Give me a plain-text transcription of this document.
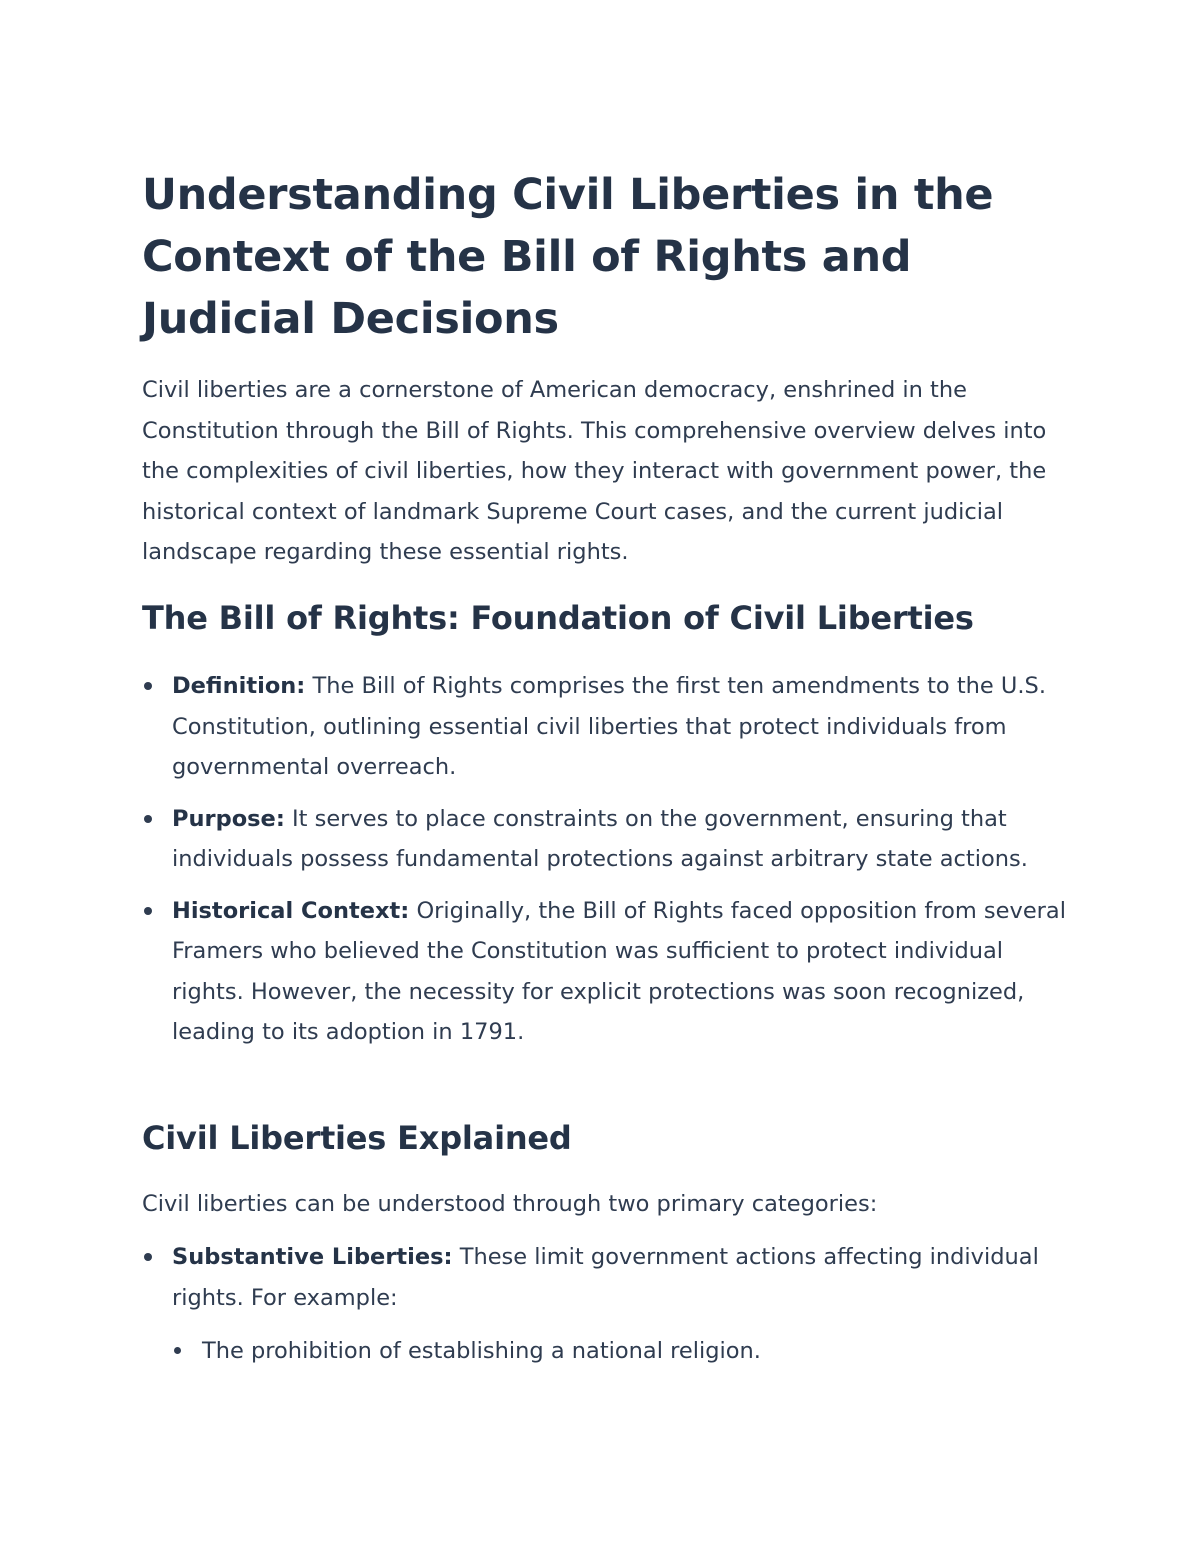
Understanding Civil Liberties in the Context of the Bill of Rights and Judicial Decisions

Civil liberties are a cornerstone of American democracy, enshrined in the Constitution through the Bill of Rights. This comprehensive overview delves into the complexities of civil liberties, how they interact with government power, the historical context of landmark Supreme Court cases, and the current judicial landscape regarding these essential rights.

The Bill of Rights: Foundation of Civil Liberties
Definition: The Bill of Rights comprises the first ten amendments to the U.S. Constitution, outlining essential civil liberties that protect individuals from governmental overreach.
Purpose: It serves to place constraints on the government, ensuring that individuals possess fundamental protections against arbitrary state actions.
Historical Context: Originally, the Bill of Rights faced opposition from several Framers who believed the Constitution was sufficient to protect individual rights. However, the necessity for explicit protections was soon recognized, leading to its adoption in 1791.
Civil Liberties Explained

Civil liberties can be understood through two primary categories:

Substantive Liberties: These limit government actions affecting individual rights. For example:
The prohibition of establishing a national religion.
